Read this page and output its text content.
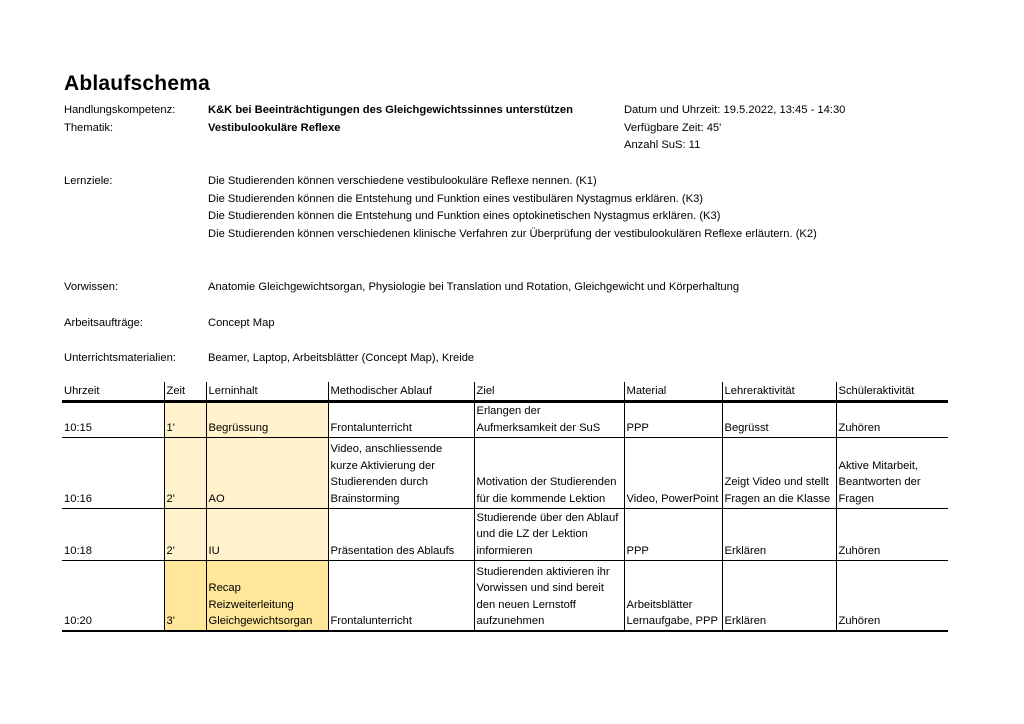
Ablaufschema
Handlungskompetenz:	K&K bei Beeinträchtigungen des Gleichgewichtssinnes unterstützen
Thematik:	Vestibulookuläre Reflexe
Datum und Uhrzeit: 19.5.2022, 13:45 - 14:30
Verfügbare Zeit: 45'
Anzahl SuS: 11
Lernziele:	Die Studierenden können verschiedene vestibulookuläre Reflexe nennen. (K1)
Die Studierenden können die Entstehung und Funktion eines vestibulären Nystagmus erklären. (K3)
Die Studierenden können die Entstehung und Funktion eines optokinetischen Nystagmus erklären. (K3)
Die Studierenden können verschiedenen klinische Verfahren zur Überprüfung der vestibulookulären Reflexe erläutern. (K2)
Vorwissen:	Anatomie Gleichgewichtsorgan, Physiologie bei Translation und Rotation, Gleichgewicht und Körperhaltung
Arbeitsaufträge:	Concept Map
Unterrichtsmaterialien:	Beamer, Laptop, Arbeitsblätter (Concept Map), Kreide
Uhrzeit	Zeit	Lerninhalt	Methodischer Ablauf	Ziel	Material	Lehreraktivität	Schüleraktivität
10:15	1'	Begrüssung	Frontalunterricht	Erlangen der Aufmerksamkeit der SuS	PPP	Begrüsst	Zuhören
10:16	2'	AO	Video, anschliessende kurze Aktivierung der Studierenden durch Brainstorming	Motivation der Studierenden für die kommende Lektion	Video, PowerPoint	Zeigt Video und stellt Fragen an die Klasse	Aktive Mitarbeit, Beantworten der Fragen
10:18	2'	IU	Präsentation des Ablaufs	Studierende über den Ablauf und die LZ der Lektion informieren	PPP	Erklären	Zuhören
10:20	3'	Recap Reizweiterleitung Gleichgewichtsorgan	Frontalunterricht	Studierenden aktivieren ihr Vorwissen und sind bereit den neuen Lernstoff aufzunehmen	Arbeitsblätter Lernaufgabe, PPP	Erklären	Zuhören
